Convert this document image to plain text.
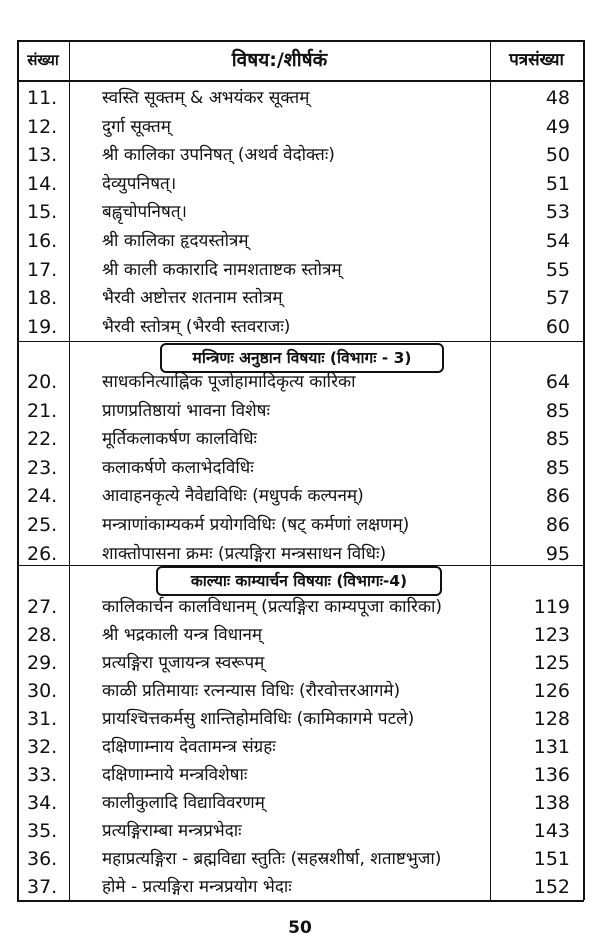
संख्या	विषय:/शीर्षकं	पत्रसंख्या
11.	स्वस्ति सूक्तम् & अभयंकर सूक्तम्	48
12.	दुर्गा सूक्तम्	49
13.	श्री कालिका उपनिषत् (अथर्व वेदोक्तः)	50
14.	देव्युपनिषत्।	51
15.	बह्वृचोपनिषत्।	53
16.	श्री कालिका हृदयस्तोत्रम्	54
17.	श्री काली ककारादि नामशताष्टक स्तोत्रम्	55
18.	भैरवी अष्टोत्तर शतनाम स्तोत्रम्	57
19.	भैरवी स्तोत्रम् (भैरवी स्तवराजः)	60
मन्त्रिणः अनुष्ठान विषयाः (विभागः - 3)
20.	साधकनित्याह्निक पूजोहामादिकृत्य कारिका	64
21.	प्राणप्रतिष्ठायां भावना विशेषः	85
22.	मूर्तिकलाकर्षण कालविधिः	85
23.	कलाकर्षणे कलाभेदविधिः	85
24.	आवाहनकृत्ये नैवेद्यविधिः (मधुपर्क कल्पनम्)	86
25.	मन्त्राणांकाम्यकर्म प्रयोगविधिः (षट् कर्मणां लक्षणम्)	86
26.	शाक्तोपासना क्रमः (प्रत्यङ्गिरा मन्त्रसाधन विधिः)	95
काल्याः काम्यार्चन विषयाः (विभागः-4)
27.	कालिकार्चन कालविधानम् (प्रत्यङ्गिरा काम्यपूजा कारिका)	119
28.	श्री भद्रकाली यन्त्र विधानम्	123
29.	प्रत्यङ्गिरा पूजायन्त्र स्वरूपम्	125
30.	काळी प्रतिमायाः रत्नन्यास विधिः (रौरवोत्तरआगमे)	126
31.	प्रायश्चित्तकर्मसु शान्तिहोमविधिः (कामिकागमे पटले)	128
32.	दक्षिणाम्नाय देवतामन्त्र संग्रहः	131
33.	दक्षिणाम्नाये मन्त्रविशेषाः	136
34.	कालीकुलादि विद्याविवरणम्	138
35.	प्रत्यङ्गिराम्बा मन्त्रप्रभेदाः	143
36.	महाप्रत्यङ्गिरा - ब्रह्मविद्या स्तुतिः (सहस्रशीर्षा, शताष्टभुजा)	151
37.	होमे - प्रत्यङ्गिरा मन्त्रप्रयोग भेदाः	152
50
